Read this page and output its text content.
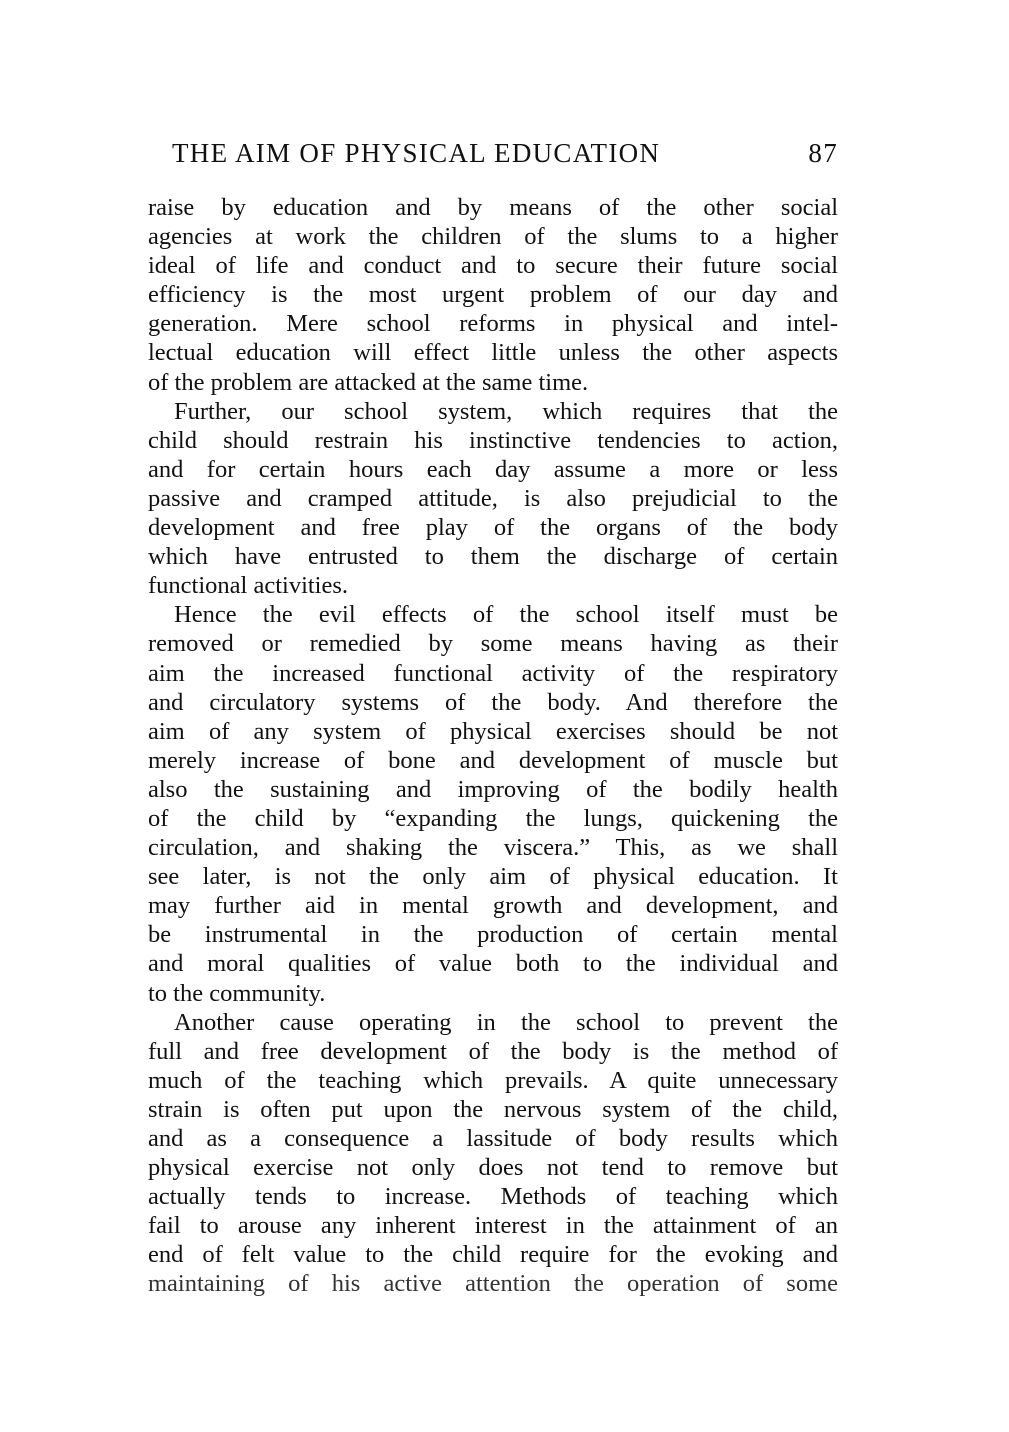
THE AIM OF PHYSICAL EDUCATION	87
raise by education and by means of the other social
agencies at work the children of the slums to a higher
ideal of life and conduct and to secure their future social
efficiency is the most urgent problem of our day and
generation. Mere school reforms in physical and intel-
lectual education will effect little unless the other aspects
of the problem are attacked at the same time.
Further, our school system, which requires that the
child should restrain his instinctive tendencies to action,
and for certain hours each day assume a more or less
passive and cramped attitude, is also prejudicial to the
development and free play of the organs of the body
which have entrusted to them the discharge of certain
functional activities.
Hence the evil effects of the school itself must be
removed or remedied by some means having as their
aim the increased functional activity of the respiratory
and circulatory systems of the body. And therefore the
aim of any system of physical exercises should be not
merely increase of bone and development of muscle but
also the sustaining and improving of the bodily health
of the child by “expanding the lungs, quickening the
circulation, and shaking the viscera.” This, as we shall
see later, is not the only aim of physical education. It
may further aid in mental growth and development, and
be instrumental in the production of certain mental
and moral qualities of value both to the individual and
to the community.
Another cause operating in the school to prevent the
full and free development of the body is the method of
much of the teaching which prevails. A quite unnecessary
strain is often put upon the nervous system of the child,
and as a consequence a lassitude of body results which
physical exercise not only does not tend to remove but
actually tends to increase. Methods of teaching which
fail to arouse any inherent interest in the attainment of an
end of felt value to the child require for the evoking and
maintaining of his active attention the operation of some
